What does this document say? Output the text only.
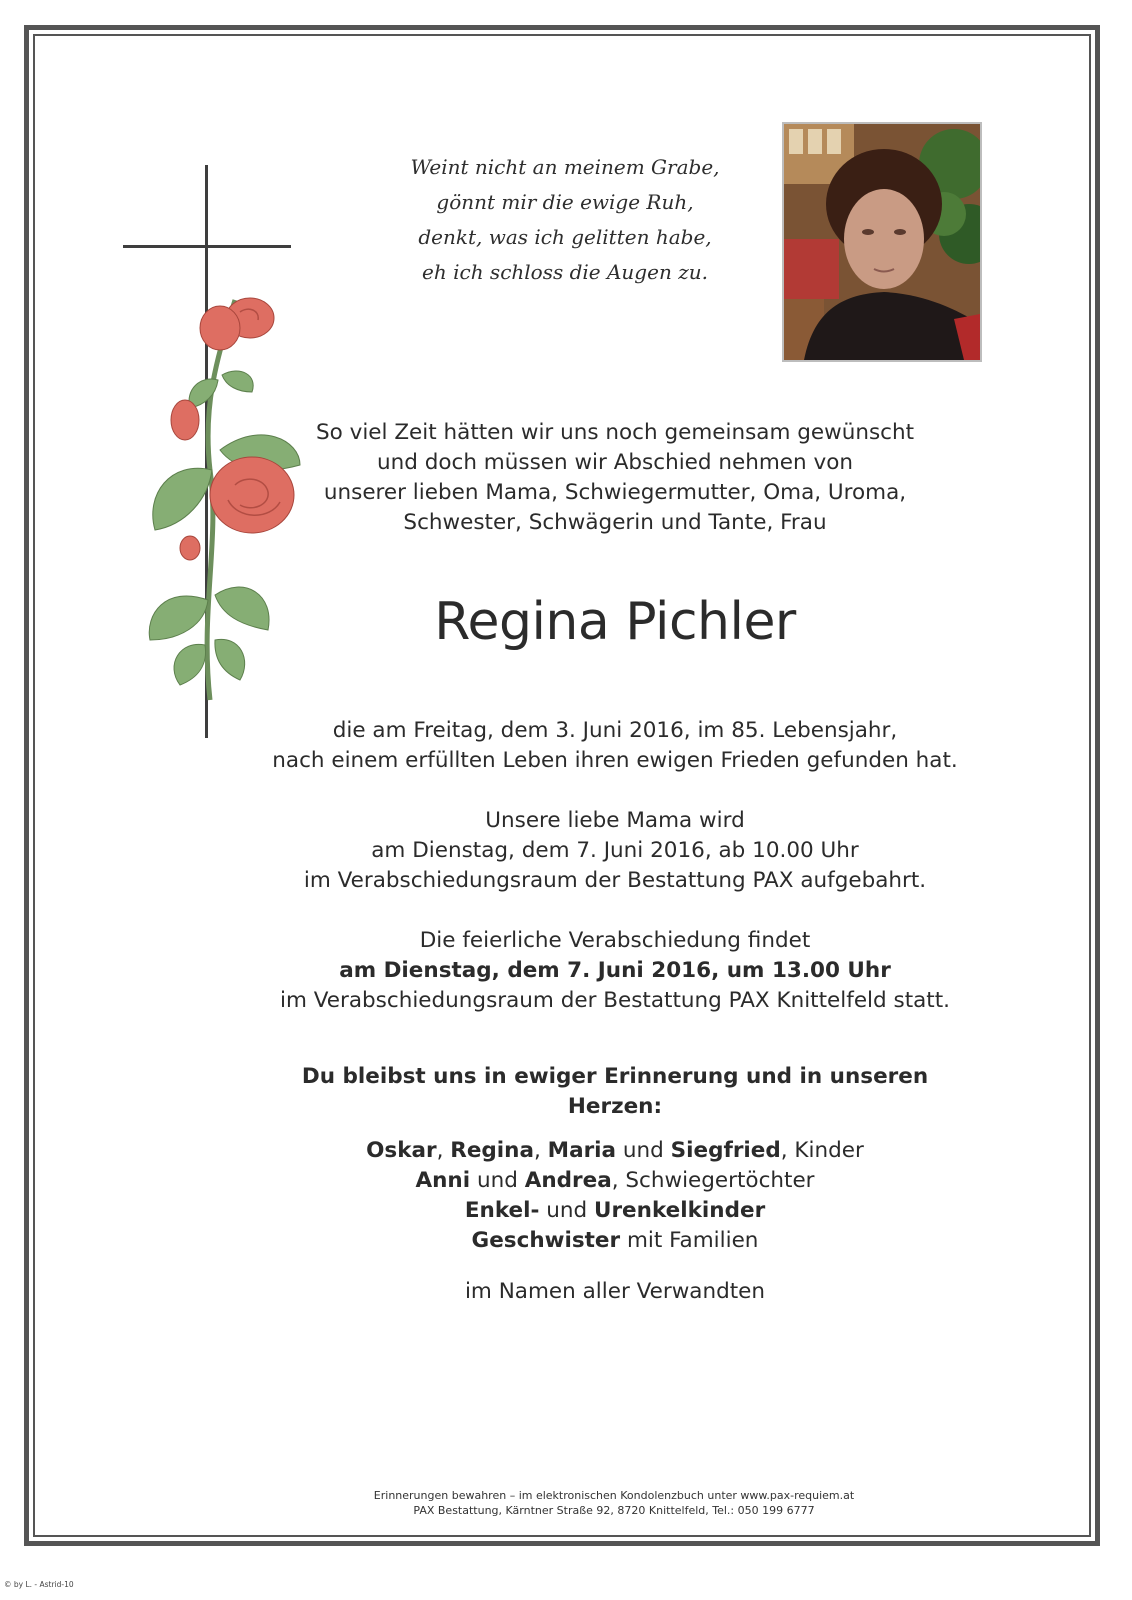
Weint nicht an meinem Grabe,
gönnt mir die ewige Ruh,
denkt, was ich gelitten habe,
eh ich schloss die Augen zu.
So viel Zeit hätten wir uns noch gemeinsam gewünscht
und doch müssen wir Abschied nehmen von
unserer lieben Mama, Schwiegermutter, Oma, Uroma,
Schwester, Schwägerin und Tante, Frau
Regina Pichler
die am Freitag, dem 3. Juni 2016, im 85. Lebensjahr,
nach einem erfüllten Leben ihren ewigen Frieden gefunden hat.
Unsere liebe Mama wird
am Dienstag, dem 7. Juni 2016, ab 10.00 Uhr
im Verabschiedungsraum der Bestattung PAX aufgebahrt.
Die feierliche Verabschiedung findet
am Dienstag, dem 7. Juni 2016, um 13.00 Uhr
im Verabschiedungsraum der Bestattung PAX Knittelfeld statt.
Du bleibst uns in ewiger Erinnerung und in unseren Herzen:
Oskar, Regina, Maria und Siegfried, Kinder
Anni und Andrea, Schwiegertöchter
Enkel- und Urenkelkinder
Geschwister mit Familien
im Namen aller Verwandten
Erinnerungen bewahren – im elektronischen Kondolenzbuch unter www.pax-requiem.at
PAX Bestattung, Kärntner Straße 92, 8720 Knittelfeld, Tel.: 050 199 6777
© by L. - Astrid-10
